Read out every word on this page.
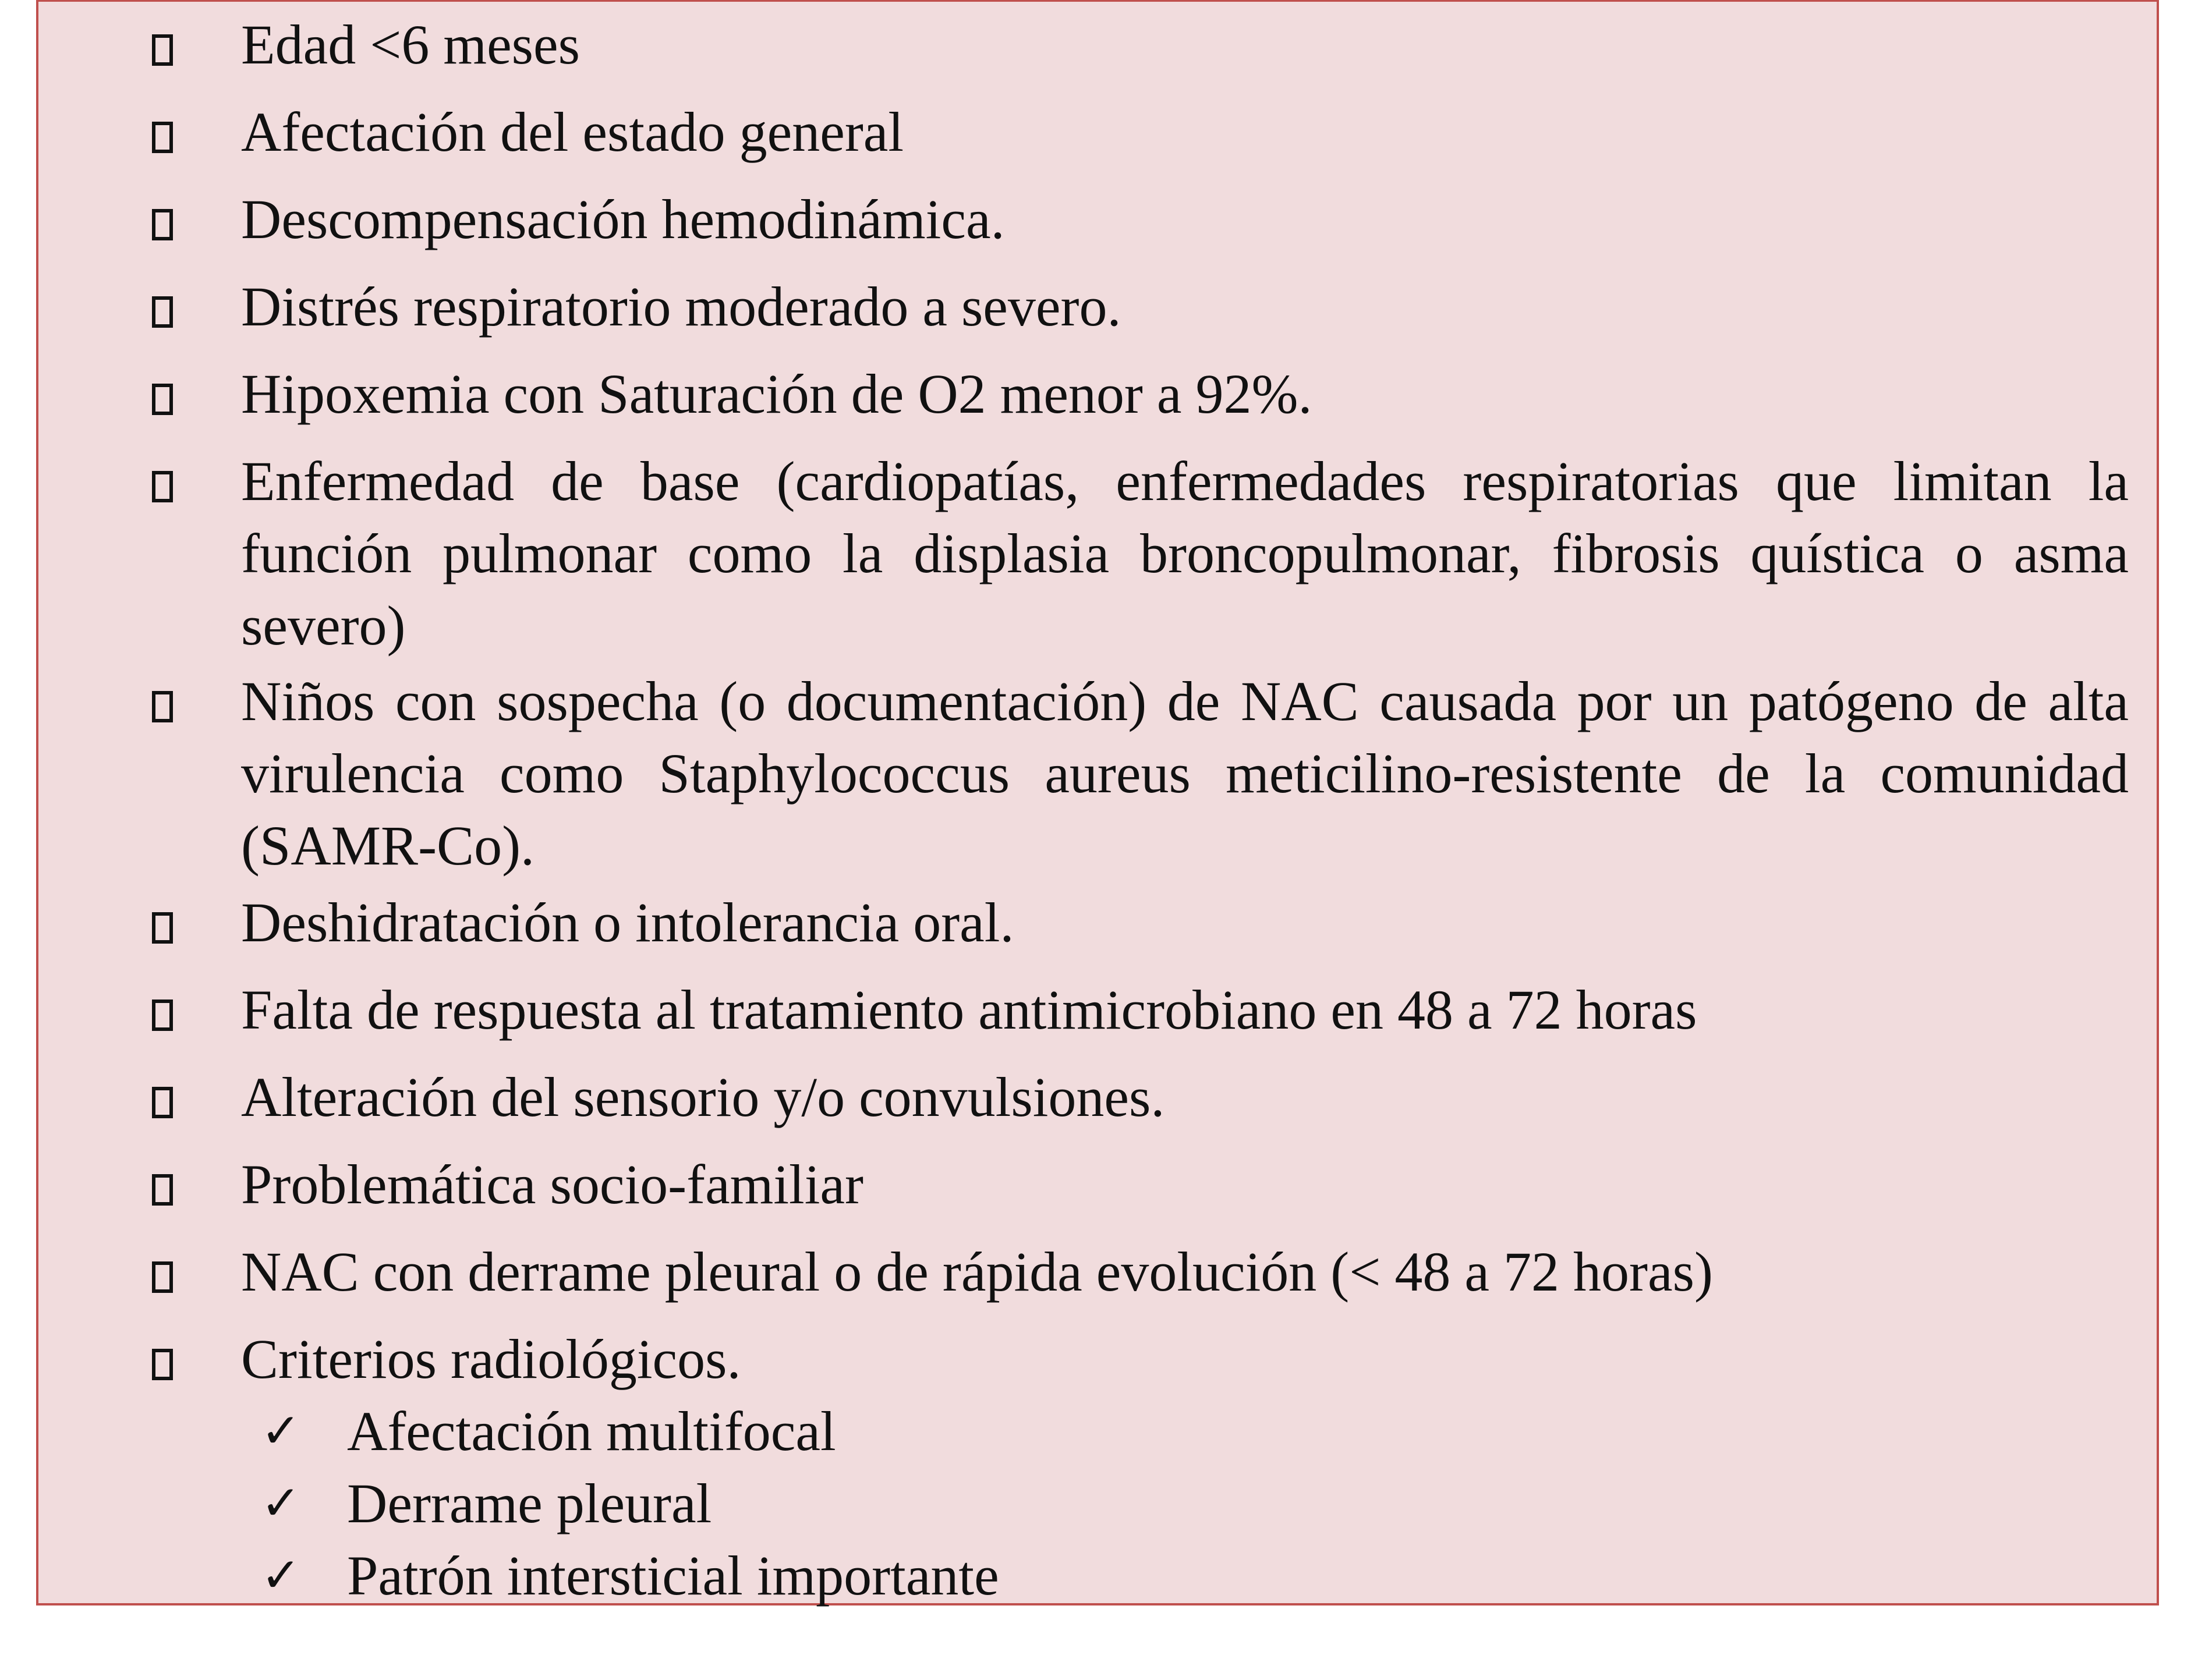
Edad <6 meses
Afectación del estado general
Descompensación hemodinámica.
Distrés respiratorio moderado a severo.
Hipoxemia con Saturación de O2 menor a 92%.
Enfermedad de base (cardiopatías, enfermedades respiratorias que limitan la función pulmonar como la displasia broncopulmonar, fibrosis quística o asma severo)
Niños con sospecha (o documentación) de NAC causada por un patógeno de alta virulencia como Staphylococcus aureus meticilino-resistente de la comunidad (SAMR-Co).
Deshidratación o intolerancia oral.
Falta de respuesta al tratamiento antimicrobiano en 48 a 72 horas
Alteración del sensorio y/o convulsiones.
Problemática socio-familiar
NAC con derrame pleural o de rápida evolución (< 48 a 72 horas)
Criterios radiológicos.
✓ Afectación multifocal
✓ Derrame pleural
✓ Patrón intersticial importante
